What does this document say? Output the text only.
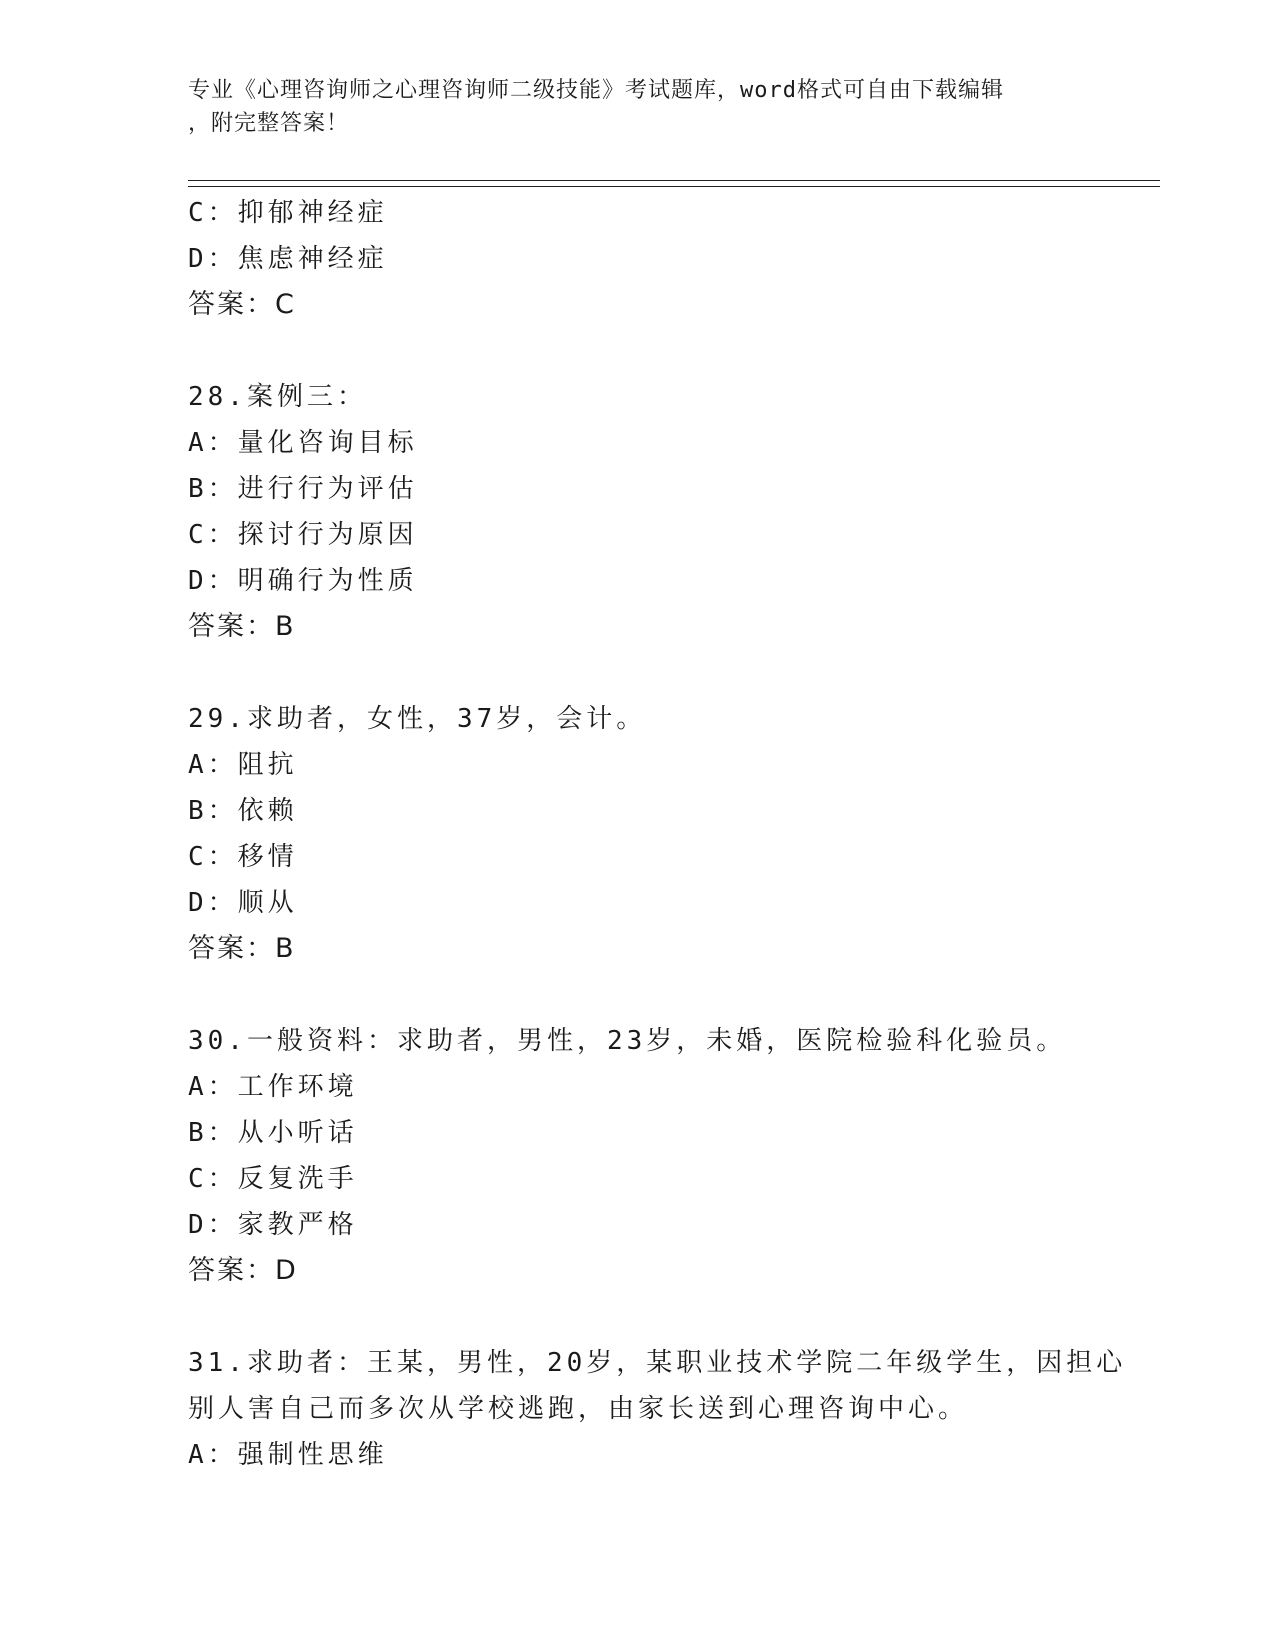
专业《心理咨询师之心理咨询师二级技能》考试题库，word格式可自由下载编辑
，附完整答案！
C：抑郁神经症
D：焦虑神经症
答案：C
28.案例三：
A：量化咨询目标
B：进行行为评估
C：探讨行为原因
D：明确行为性质
答案：B
29.求助者，女性，37岁，会计。
A：阻抗
B：依赖
C：移情
D：顺从
答案：B
30.一般资料：求助者，男性，23岁，未婚，医院检验科化验员。
A：工作环境
B：从小听话
C：反复洗手
D：家教严格
答案：D
31.求助者：王某，男性，20岁，某职业技术学院二年级学生，因担心
别人害自己而多次从学校逃跑，由家长送到心理咨询中心。
A：强制性思维
